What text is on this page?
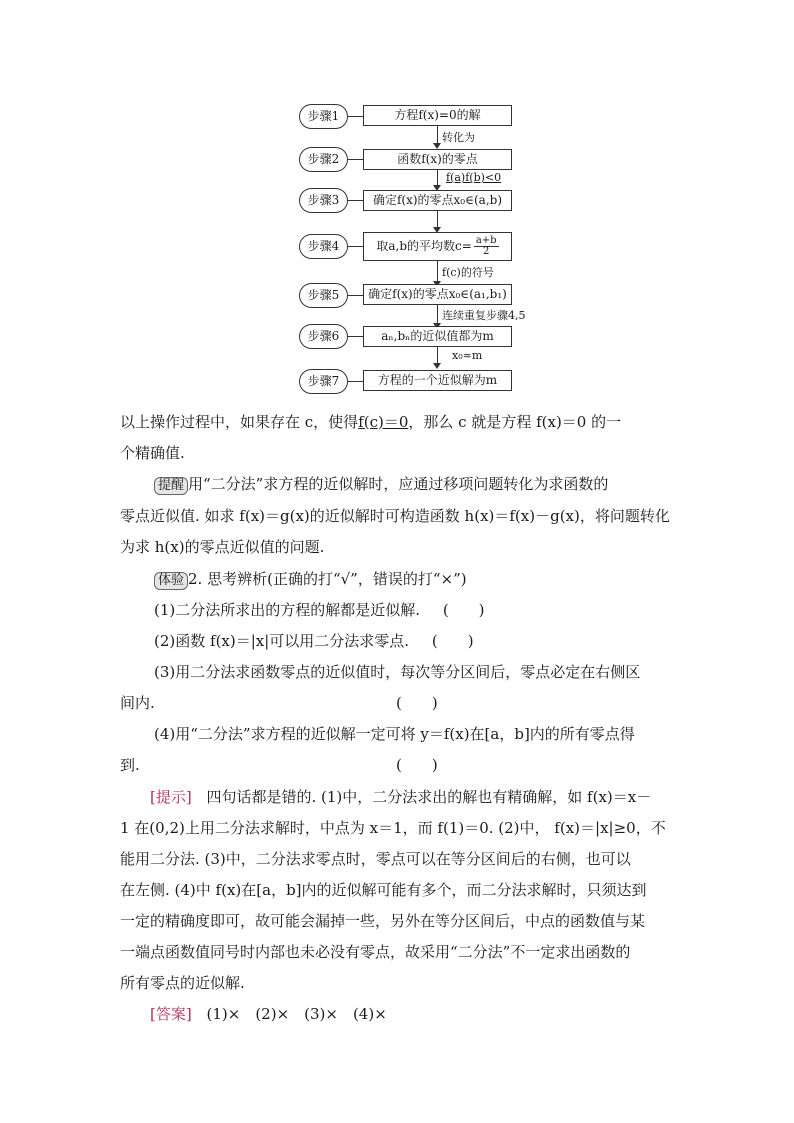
步骤1	方程f(x)=0的解
转化为
步骤2	函数f(x)的零点
f(a)f(b)<0
步骤3	确定f(x)的零点x₀∈(a,b)
步骤4	取a,b的平均数$c= \frac{a+b}{2}$
f(c)的符号
步骤5	确定f(x)的零点x₀∈(a₁,b₁)
连续重复步骤4,5
步骤6	aₙ,bₙ的近似值都为m
x₀≈m
步骤7	方程的一个近似解为m
以上操作过程中，如果存在 c，使得f(c)＝0，那么 c 就是方程 f(x)＝0 的一
个精确值.
提醒 用“二分法”求方程的近似解时，应通过移项问题转化为求函数的
零点近似值. 如求 f(x)＝g(x)的近似解时可构造函数 h(x)＝f(x)－g(x)，将问题转化
为求 h(x)的零点近似值的问题.
体验 2. 思考辨析(正确的打“√”，错误的打“×”)
(1)二分法所求出的方程的解都是近似解. (　　)
(2)函数 f(x)＝|x|可以用二分法求零点. (　　)
(3)用二分法求函数零点的近似值时，每次等分区间后，零点必定在右侧区
间内.	(　　)
(4)用“二分法”求方程的近似解一定可将 y＝f(x)在[a，b]内的所有零点得
到.	(　　)
[提示] 四句话都是错的. (1)中，二分法求出的解也有精确解，如 f(x)＝x－
1 在(0,2)上用二分法求解时，中点为 x＝1，而 f(1)＝0. (2)中， f(x)＝|x|≥0，不
能用二分法. (3)中，二分法求零点时，零点可以在等分区间后的右侧，也可以
在左侧. (4)中 f(x)在[a，b]内的近似解可能有多个，而二分法求解时，只须达到
一定的精确度即可，故可能会漏掉一些，另外在等分区间后，中点的函数值与某
一端点函数值同号时内部也未必没有零点，故采用“二分法”不一定求出函数的
所有零点的近似解.
[答案] (1)×　(2)×　(3)×　(4)×
